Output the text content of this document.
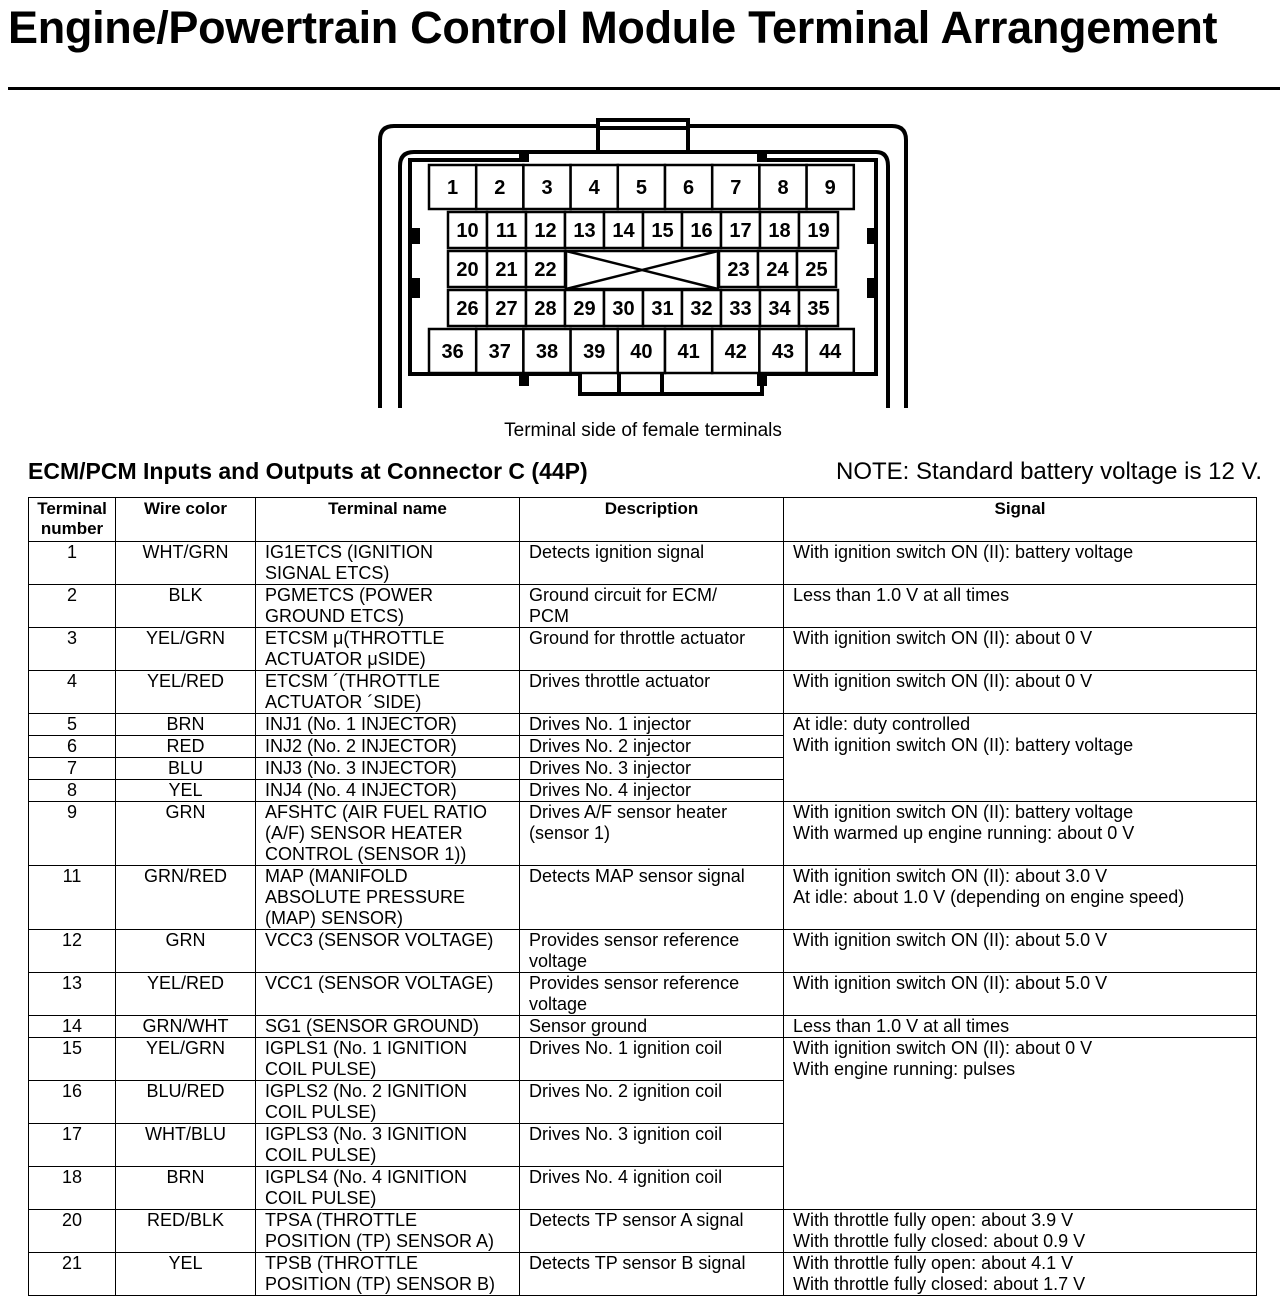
Engine/Powertrain Control Module Terminal Arrangement
1 2 3 4 5 6 7 8 9
10 11 12 13 14 15 16 17 18 19
26 27 28 29 30 31 32 33 34 35
20 21 22	23 24 25
36 37 38 39 40 41 42 43 44
Terminal side of female terminals
ECM/PCM Inputs and Outputs at Connector C (44P)	NOTE: Standard battery voltage is 12 V.
Terminal
number	Wire color	Terminal name	Description	Signal
1	WHT/GRN	IG1ETCS (IGNITION
SIGNAL ETCS)	Detects ignition signal	With ignition switch ON (II): battery voltage

2	BLK	PGMETCS (POWER
GROUND ETCS)	Ground circuit for ECM/
PCM	Less than 1.0 V at all times

3	YEL/GRN	ETCSM μ(THROTTLE
ACTUATOR μSIDE)	Ground for throttle actuator	With ignition switch ON (II): about 0 V

4	YEL/RED	ETCSM ´(THROTTLE
ACTUATOR ´SIDE)	Drives throttle actuator	With ignition switch ON (II): about 0 V

5	BRN	INJ1 (No. 1 INJECTOR)	Drives No. 1 injector	At idle: duty controlled
With ignition switch ON (II): battery voltage

6	RED	INJ2 (No. 2 INJECTOR)	Drives No. 2 injector	

7	BLU	INJ3 (No. 3 INJECTOR)	Drives No. 3 injector	

8	YEL	INJ4 (No. 4 INJECTOR)	Drives No. 4 injector	

9	GRN	AFSHTC (AIR FUEL RATIO
(A/F) SENSOR HEATER
CONTROL (SENSOR 1))	Drives A/F sensor heater
(sensor 1)	With ignition switch ON (II): battery voltage
With warmed up engine running: about 0 V

11	GRN/RED	MAP (MANIFOLD
ABSOLUTE PRESSURE
(MAP) SENSOR)	Detects MAP sensor signal	With ignition switch ON (II): about 3.0 V
At idle: about 1.0 V (depending on engine speed)

12	GRN	VCC3 (SENSOR VOLTAGE)	Provides sensor reference
voltage	With ignition switch ON (II): about 5.0 V

13	YEL/RED	VCC1 (SENSOR VOLTAGE)	Provides sensor reference
voltage	With ignition switch ON (II): about 5.0 V

14	GRN/WHT	SG1 (SENSOR GROUND)	Sensor ground	Less than 1.0 V at all times

15	YEL/GRN	IGPLS1 (No. 1 IGNITION
COIL PULSE)	Drives No. 1 ignition coil	With ignition switch ON (II): about 0 V
With engine running: pulses

16	BLU/RED	IGPLS2 (No. 2 IGNITION
COIL PULSE)	Drives No. 2 ignition coil	

17	WHT/BLU	IGPLS3 (No. 3 IGNITION
COIL PULSE)	Drives No. 3 ignition coil	

18	BRN	IGPLS4 (No. 4 IGNITION
COIL PULSE)	Drives No. 4 ignition coil	

20	RED/BLK	TPSA (THROTTLE
POSITION (TP) SENSOR A)	Detects TP sensor A signal	With throttle fully open: about 3.9 V
With throttle fully closed: about 0.9 V

21	YEL	TPSB (THROTTLE
POSITION (TP) SENSOR B)	Detects TP sensor B signal	With throttle fully open: about 4.1 V
With throttle fully closed: about 1.7 V
